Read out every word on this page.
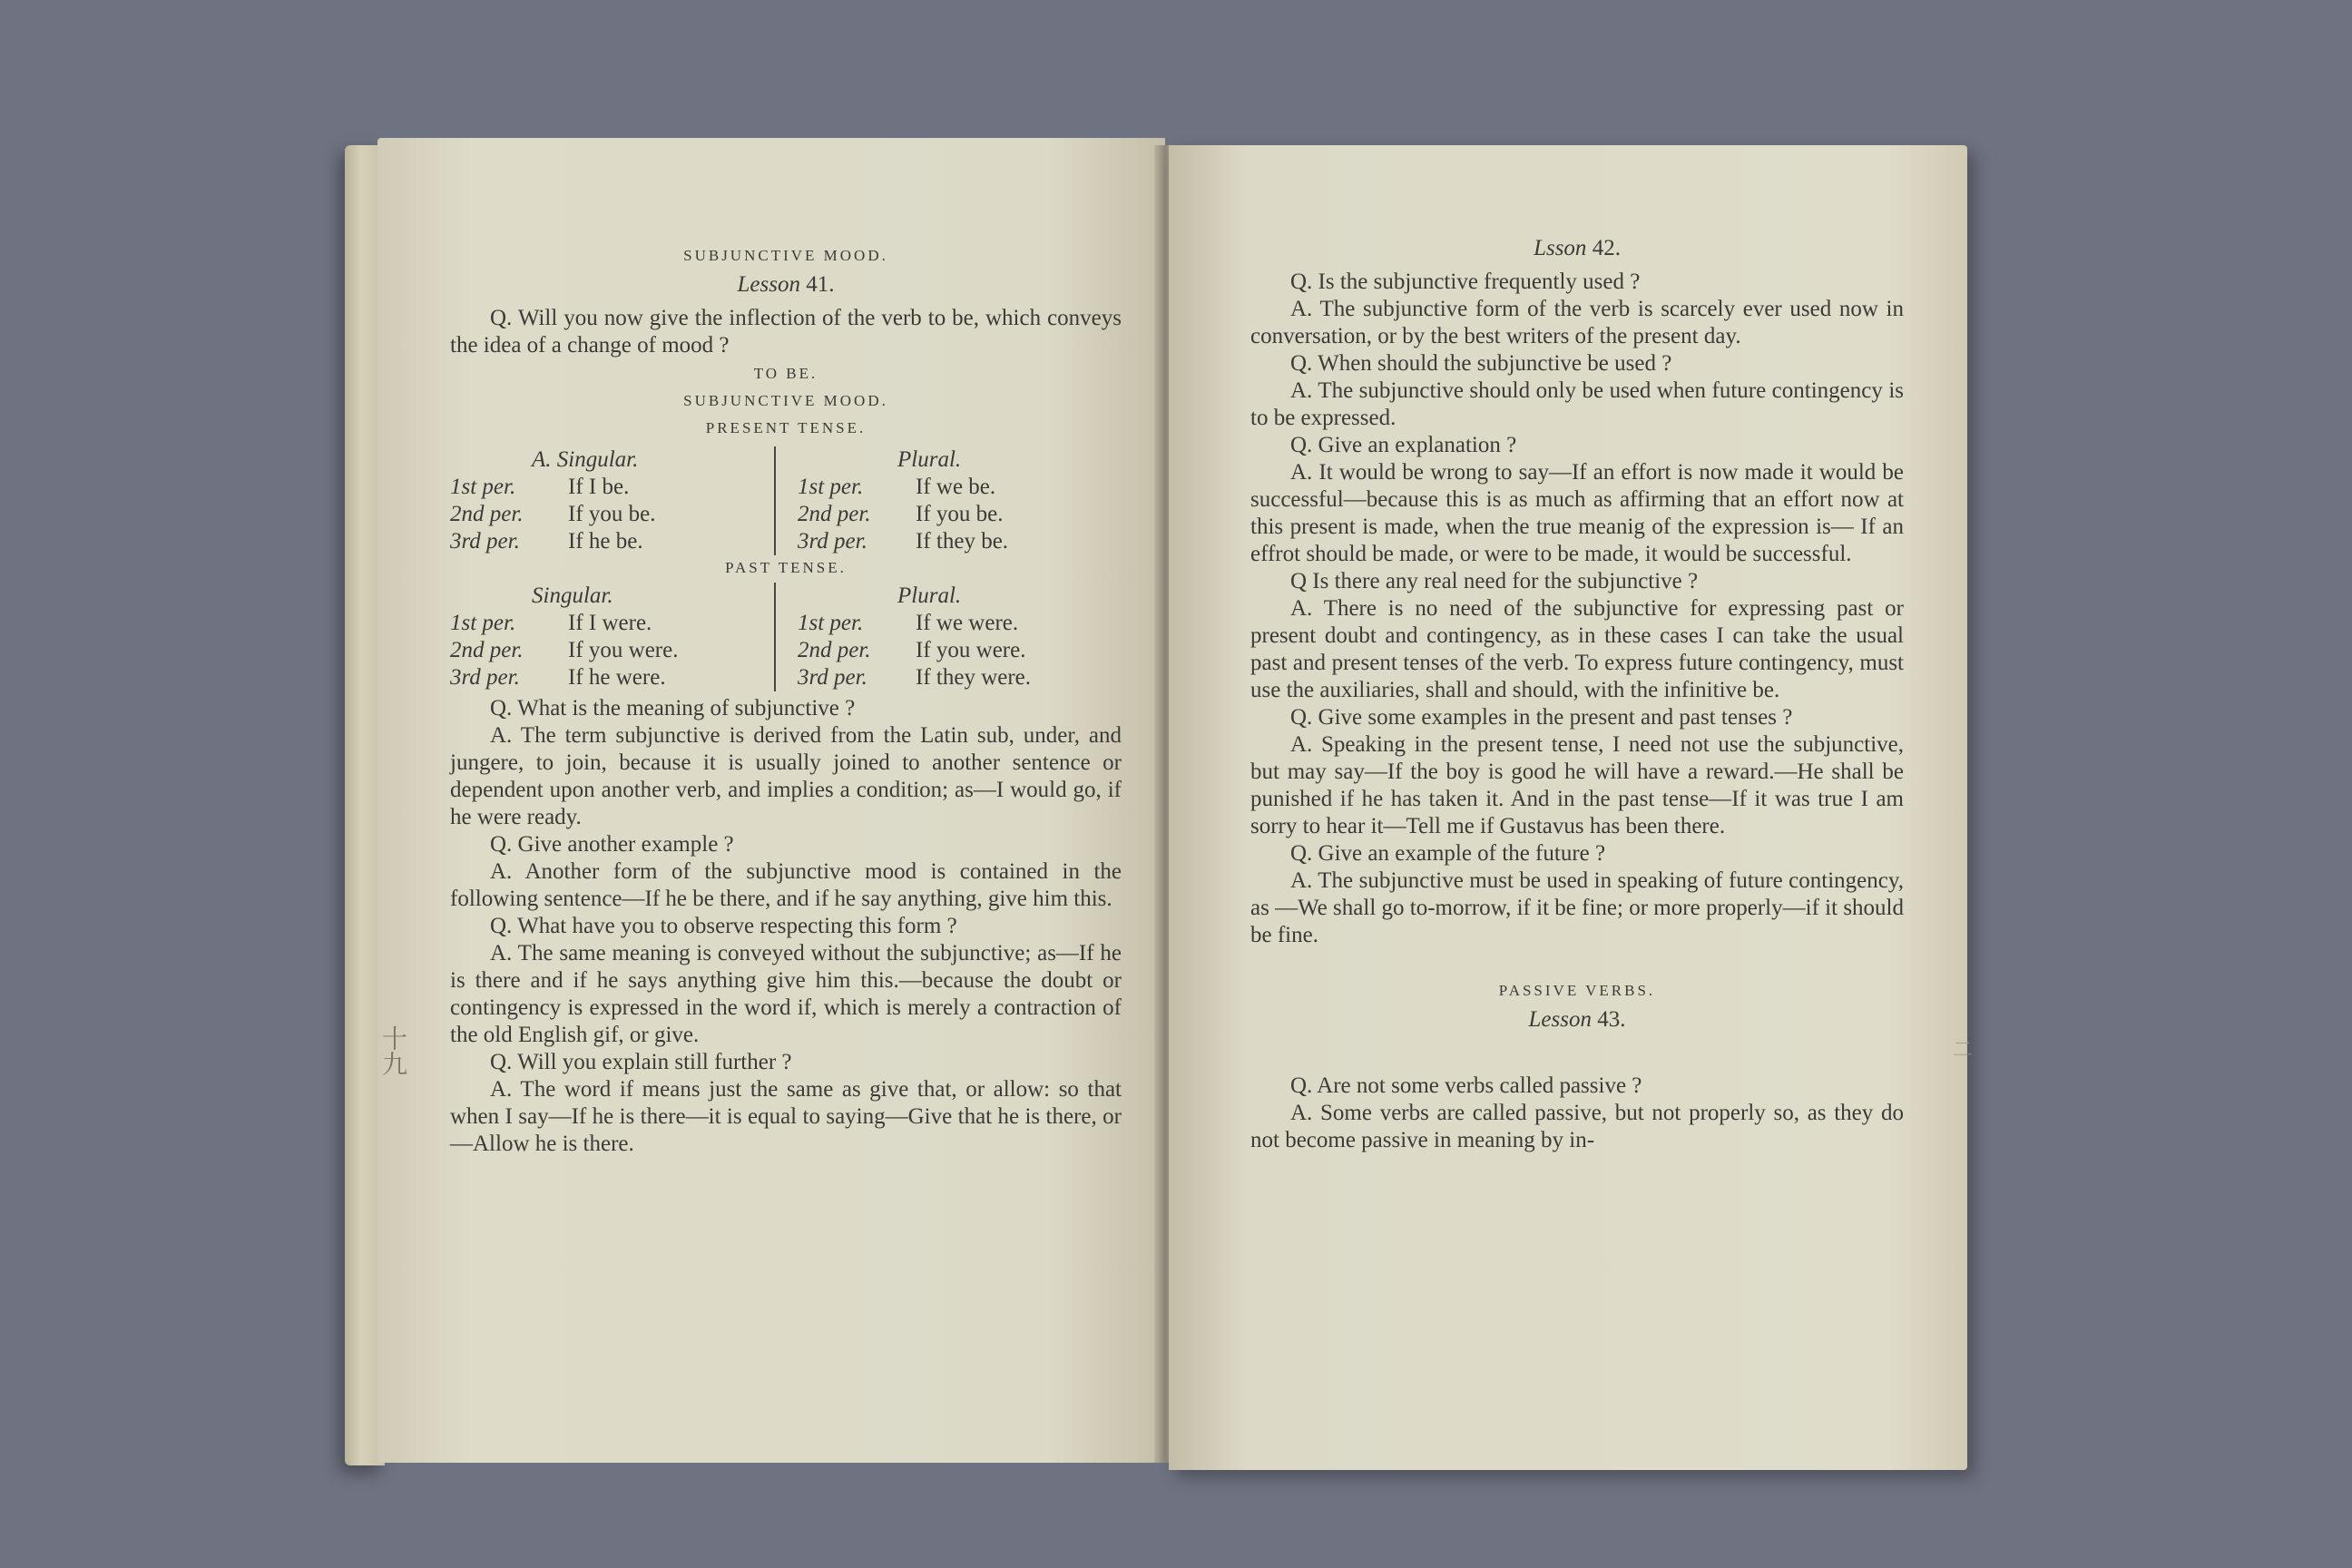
SUBJUNCTIVE MOOD.
Lesson 41.

Q. Will you now give the inflection of the verb to be, which conveys the idea of a change of mood ?

TO BE.
SUBJUNCTIVE MOOD.
PRESENT TENSE.
A. Singular.
1st per. If I be.
2nd per. If you be.
3rd per. If he be.
Plural.
1st per. If we be.
2nd per. If you be.
3rd per. If they be.
PAST TENSE.
Singular.
1st per. If I were.
2nd per. If you were.
3rd per. If he were.
Plural.
1st per. If we were.
2nd per. If you were.
3rd per. If they were.

Q. What is the meaning of subjunctive ?

A. The term subjunctive is derived from the Latin sub, under, and jungere, to join, because it is usually joined to another sentence or dependent upon another verb, and implies a condition; as—I would go, if he were ready.

Q. Give another example ?

A. Another form of the subjunctive mood is contained in the following sentence—If he be there, and if he say anything, give him this.

Q. What have you to observe respecting this form ?

A. The same meaning is conveyed without the subjunctive; as—If he is there and if he says anything give him this.—because the doubt or contingency is expressed in the word if, which is merely a contraction of the old English gif, or give.

Q. Will you explain still further ?

A. The word if means just the same as give that, or allow: so that when I say—If he is there—it is equal to saying—Give that he is there, or—Allow he is there.

Lsson 42.

Q. Is the subjunctive frequently used ?

A. The subjunctive form of the verb is scarcely ever used now in conversation, or by the best writers of the present day.

Q. When should the subjunctive be used ?

A. The subjunctive should only be used when future contingency is to be expressed.

Q. Give an explanation ?

A. It would be wrong to say—If an effort is now made it would be successful—because this is as much as affirming that an effort now at this present is made, when the true meanig of the expression is— If an effrot should be made, or were to be made, it would be successful.

Q Is there any real need for the subjunctive ?

A. There is no need of the subjunctive for expressing past or present doubt and contingency, as in these cases I can take the usual past and present tenses of the verb. To express future contingency, must use the auxiliaries, shall and should, with the infinitive be.

Q. Give some examples in the present and past tenses ?

A. Speaking in the present tense, I need not use the subjunctive, but may say—If the boy is good he will have a reward.—He shall be punished if he has taken it. And in the past tense—If it was true I am sorry to hear it—Tell me if Gustavus has been there.

Q. Give an example of the future ?

A. The subjunctive must be used in speaking of future contingency, as —We shall go to-morrow, if it be fine; or more properly—if it should be fine.

PASSIVE VERBS.
Lesson 43.

Q. Are not some verbs called passive ?

A. Some verbs are called passive, but not properly so, as they do not become passive in meaning by in-

十九	二
